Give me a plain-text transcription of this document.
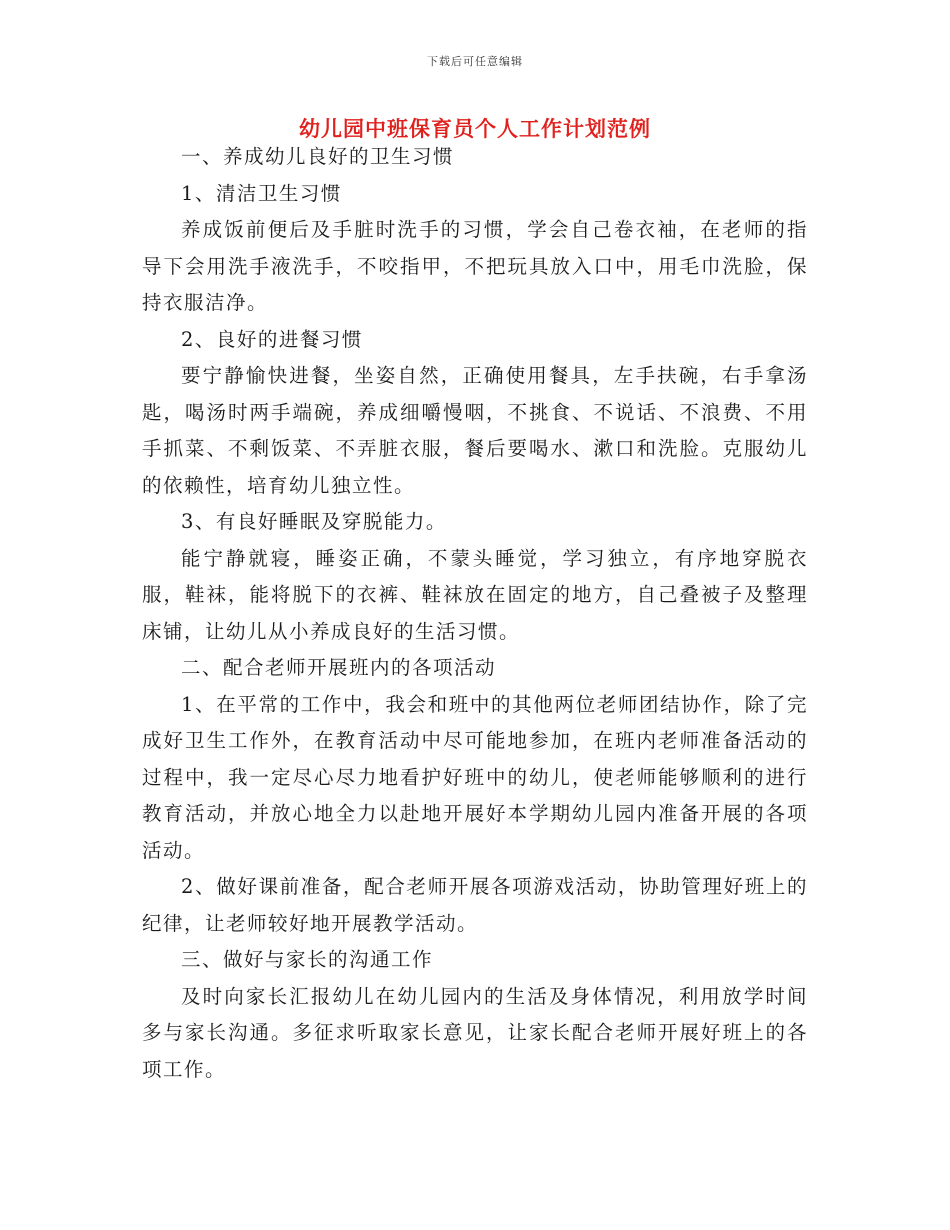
下载后可任意编辑
幼儿园中班保育员个人工作计划范例

一、养成幼儿良好的卫生习惯

1、清洁卫生习惯

养成饭前便后及手脏时洗手的习惯，学会自己卷衣袖，在老师的指导下会用洗手液洗手，不咬指甲，不把玩具放入口中，用毛巾洗脸，保持衣服洁净。

2、良好的进餐习惯

要宁静愉快进餐，坐姿自然，正确使用餐具，左手扶碗，右手拿汤匙，喝汤时两手端碗，养成细嚼慢咽，不挑食、不说话、不浪费、不用手抓菜、不剩饭菜、不弄脏衣服，餐后要喝水、漱口和洗脸。克服幼儿的依赖性，培育幼儿独立性。

3、有良好睡眠及穿脱能力。

能宁静就寝，睡姿正确，不蒙头睡觉，学习独立，有序地穿脱衣服，鞋袜，能将脱下的衣裤、鞋袜放在固定的地方，自己叠被子及整理床铺，让幼儿从小养成良好的生活习惯。

二、配合老师开展班内的各项活动

1、在平常的工作中，我会和班中的其他两位老师团结协作，除了完成好卫生工作外，在教育活动中尽可能地参加，在班内老师准备活动的过程中，我一定尽心尽力地看护好班中的幼儿，使老师能够顺利的进行教育活动，并放心地全力以赴地开展好本学期幼儿园内准备开展的各项活动。

2、做好课前准备，配合老师开展各项游戏活动，协助管理好班上的纪律，让老师较好地开展教学活动。

三、做好与家长的沟通工作

及时向家长汇报幼儿在幼儿园内的生活及身体情况，利用放学时间多与家长沟通。多征求听取家长意见，让家长配合老师开展好班上的各项工作。
